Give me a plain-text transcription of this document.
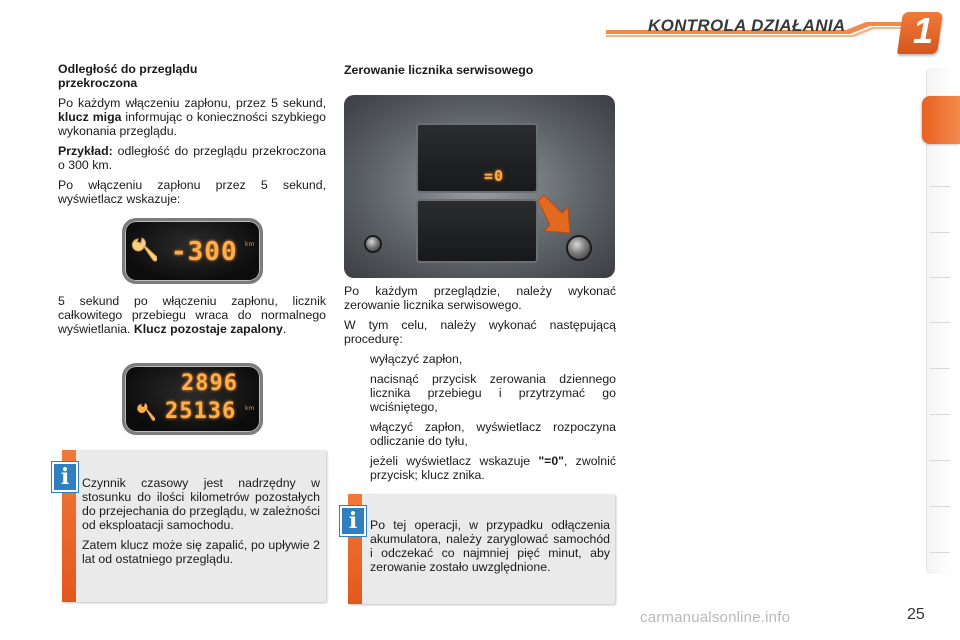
KONTROLA DZIAŁANIA 1
Odległość do przeglądu przekroczona

Po każdym włączeniu zapłonu, przez 5 sekund, klucz miga informując o konieczności szybkiego wykonania przeglądu.

Przykład: odległość do przeglądu przekroczona o 300 km.

Po włączeniu zapłonu przez 5 sekund, wyświetlacz wskazuje:

-300 km

5 sekund po włączeniu zapłonu, licznik całkowitego przebiegu wraca do normalnego wyświetlania. Klucz pozostaje zapalony.

2896
25136 km
i	Czynnik czasowy jest nadrzędny w stosunku do ilości kilometrów pozostałych do przejechania do przeglądu, w zależności od eksploatacji samochodu.

Zatem klucz może się zapalić, po upływie 2 lat od ostatniego przeglądu.

Zerowanie licznika serwisowego
=0

Po każdym przeglądzie, należy wykonać zerowanie licznika serwisowego.

W tym celu, należy wykonać następującą procedurę:

wyłączyć zapłon,
nacisnąć przycisk zerowania dziennego licznika przebiegu i przytrzymać go wciśniętego,
włączyć zapłon, wyświetlacz rozpoczyna odliczanie do tyłu,
jeżeli wyświetlacz wskazuje "=0", zwolnić przycisk; klucz znika.
i	Po tej operacji, w przypadku odłączenia akumulatora, należy zaryglować samochód i odczekać co najmniej pięć minut, aby zerowanie zostało uwzględnione.

carmanualsonline.info	25
